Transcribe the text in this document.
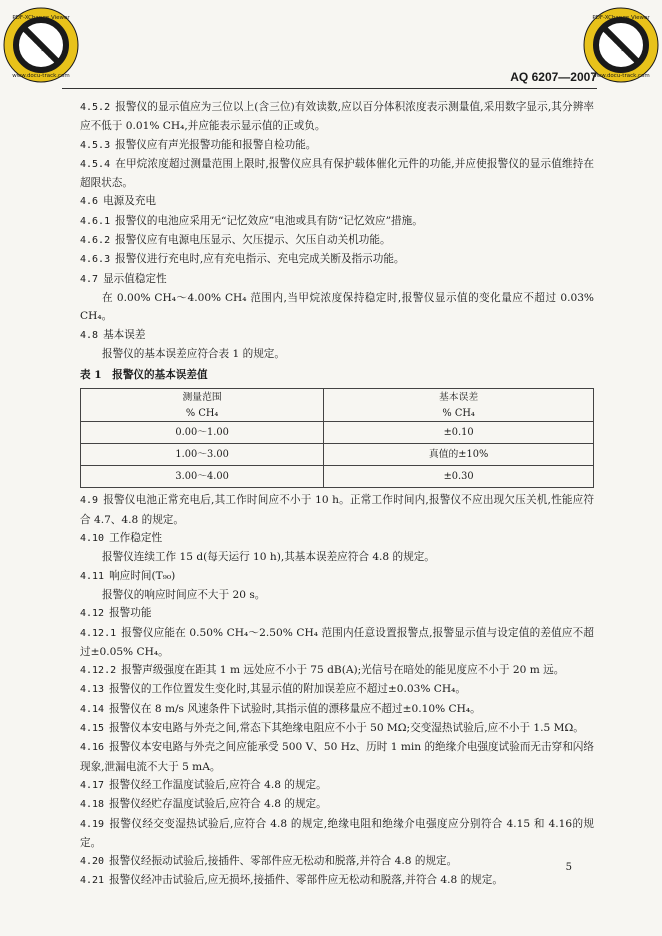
PDF-XChange Viewer
Click to buy NOW!
www.docu-track.com
PDF-XChange Viewer
Click to buy NOW!
www.docu-track.com
AQ 6207—2007

4.5.2 报警仪的显示值应为三位以上(含三位)有效读数,应以百分体积浓度表示测量值,采用数字显示,其分辨率应不低于 0.01% CH₄,并应能表示显示值的正或负。

4.5.3 报警仪应有声光报警功能和报警自检功能。

4.5.4 在甲烷浓度超过测量范围上限时,报警仪应具有保护载体催化元件的功能,并应使报警仪的显示值维持在超限状态。

4.6 电源及充电

4.6.1 报警仪的电池应采用无“记忆效应”电池或具有防“记忆效应”措施。

4.6.2 报警仪应有电源电压显示、欠压提示、欠压自动关机功能。

4.6.3 报警仪进行充电时,应有充电指示、充电完成关断及指示功能。

4.7 显示值稳定性

在 0.00% CH₄～4.00% CH₄ 范围内,当甲烷浓度保持稳定时,报警仪显示值的变化量应不超过 0.03% CH₄。

4.8 基本误差

报警仪的基本误差应符合表 1 的规定。

表 1　报警仪的基本误差值

测量范围	基本误差
% CH₄	% CH₄
0.00～1.00	±0.10
1.00～3.00	真值的±10%
3.00～4.00	±0.30

4.9 报警仪电池正常充电后,其工作时间应不小于 10 h。正常工作时间内,报警仪不应出现欠压关机,性能应符合 4.7、4.8 的规定。

4.10 工作稳定性

报警仪连续工作 15 d(每天运行 10 h),其基本误差应符合 4.8 的规定。

4.11 响应时间(T₉₀)

报警仪的响应时间应不大于 20 s。

4.12 报警功能

4.12.1 报警仪应能在 0.50% CH₄～2.50% CH₄ 范围内任意设置报警点,报警显示值与设定值的差值应不超过±0.05% CH₄。

4.12.2 报警声级强度在距其 1 m 远处应不小于 75 dB(A);光信号在暗处的能见度应不小于 20 m 远。

4.13 报警仪的工作位置发生变化时,其显示值的附加误差应不超过±0.03% CH₄。

4.14 报警仪在 8 m/s 风速条件下试验时,其指示值的漂移量应不超过±0.10% CH₄。

4.15 报警仪本安电路与外壳之间,常态下其绝缘电阻应不小于 50 MΩ;交变湿热试验后,应不小于 1.5 MΩ。

4.16 报警仪本安电路与外壳之间应能承受 500 V、50 Hz、历时 1 min 的绝缘介电强度试验而无击穿和闪络现象,泄漏电流不大于 5 mA。

4.17 报警仪经工作温度试验后,应符合 4.8 的规定。

4.18 报警仪经贮存温度试验后,应符合 4.8 的规定。

4.19 报警仪经交变湿热试验后,应符合 4.8 的规定,绝缘电阻和绝缘介电强度应分别符合 4.15 和 4.16的规定。

4.20 报警仪经振动试验后,接插件、零部件应无松动和脱落,并符合 4.8 的规定。

4.21 报警仪经冲击试验后,应无损坏,接插件、零部件应无松动和脱落,并符合 4.8 的规定。

5
